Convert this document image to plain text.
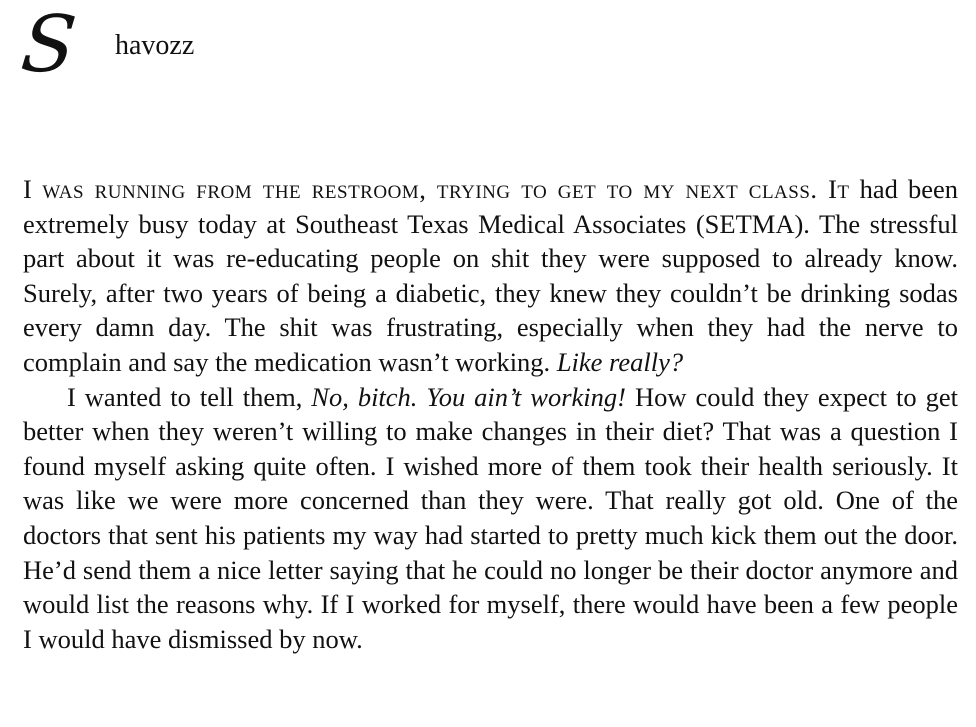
S havozz

I was running from the restroom, trying to get to my next class. It had been extremely busy today at Southeast Texas Medical Associates (SETMA). The stressful part about it was re-educating people on shit they were supposed to already know. Surely, after two years of being a diabetic, they knew they couldn’t be drinking sodas every damn day. The shit was frustrating, especially when they had the nerve to complain and say the medication wasn’t working. Like really?

I wanted to tell them, No, bitch. You ain’t working! How could they expect to get better when they weren’t willing to make changes in their diet? That was a question I found myself asking quite often. I wished more of them took their health seriously. It was like we were more concerned than they were. That really got old. One of the doctors that sent his patients my way had started to pretty much kick them out the door. He’d send them a nice letter saying that he could no longer be their doctor anymore and would list the reasons why. If I worked for myself, there would have been a few people I would have dismissed by now.
